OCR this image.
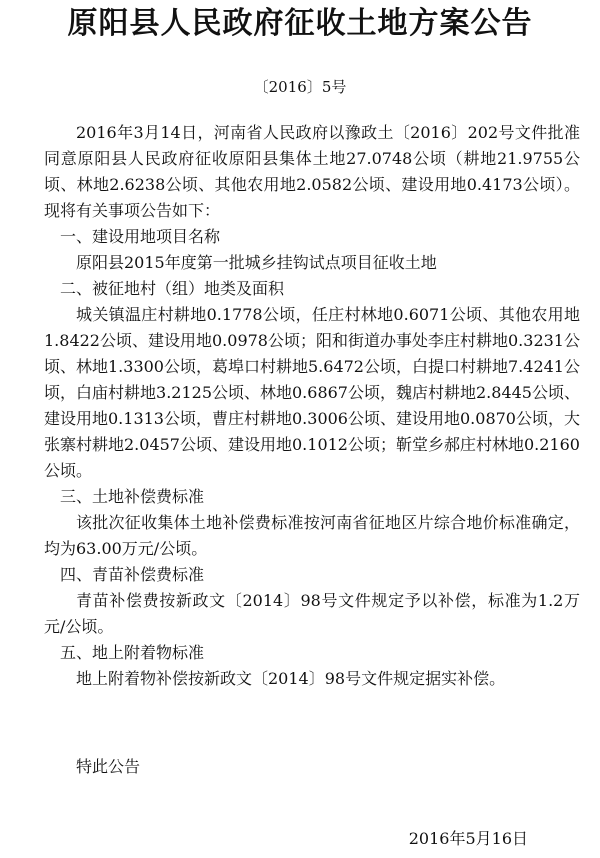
原阳县人民政府征收土地方案公告
〔2016〕5号

2016年3月14日，河南省人民政府以豫政土〔2016〕202号文件批准同意原阳县人民政府征收原阳县集体土地27.0748公顷（耕地21.9755公顷、林地2.6238公顷、其他农用地2.0582公顷、建设用地0.4173公顷）。现将有关事项公告如下：

一、建设用地项目名称

原阳县2015年度第一批城乡挂钩试点项目征收土地

二、被征地村（组）地类及面积

城关镇温庄村耕地0.1778公顷，任庄村林地0.6071公顷、其他农用地1.8422公顷、建设用地0.0978公顷；阳和街道办事处李庄村耕地0.3231公顷、林地1.3300公顷，葛埠口村耕地5.6472公顷，白提口村耕地7.4241公顷，白庙村耕地3.2125公顷、林地0.6867公顷，魏店村耕地2.8445公顷、建设用地0.1313公顷，曹庄村耕地0.3006公顷、建设用地0.0870公顷，大张寨村耕地2.0457公顷、建设用地0.1012公顷；靳堂乡郝庄村林地0.2160公顷。

三、土地补偿费标准

该批次征收集体土地补偿费标准按河南省征地区片综合地价标准确定，均为63.00万元/公顷。

四、青苗补偿费标准

青苗补偿费按新政文〔2014〕98号文件规定予以补偿，标准为1.2万元/公顷。

五、地上附着物标准

地上附着物补偿按新政文〔2014〕98号文件规定据实补偿。

特此公告
2016年5月16日
